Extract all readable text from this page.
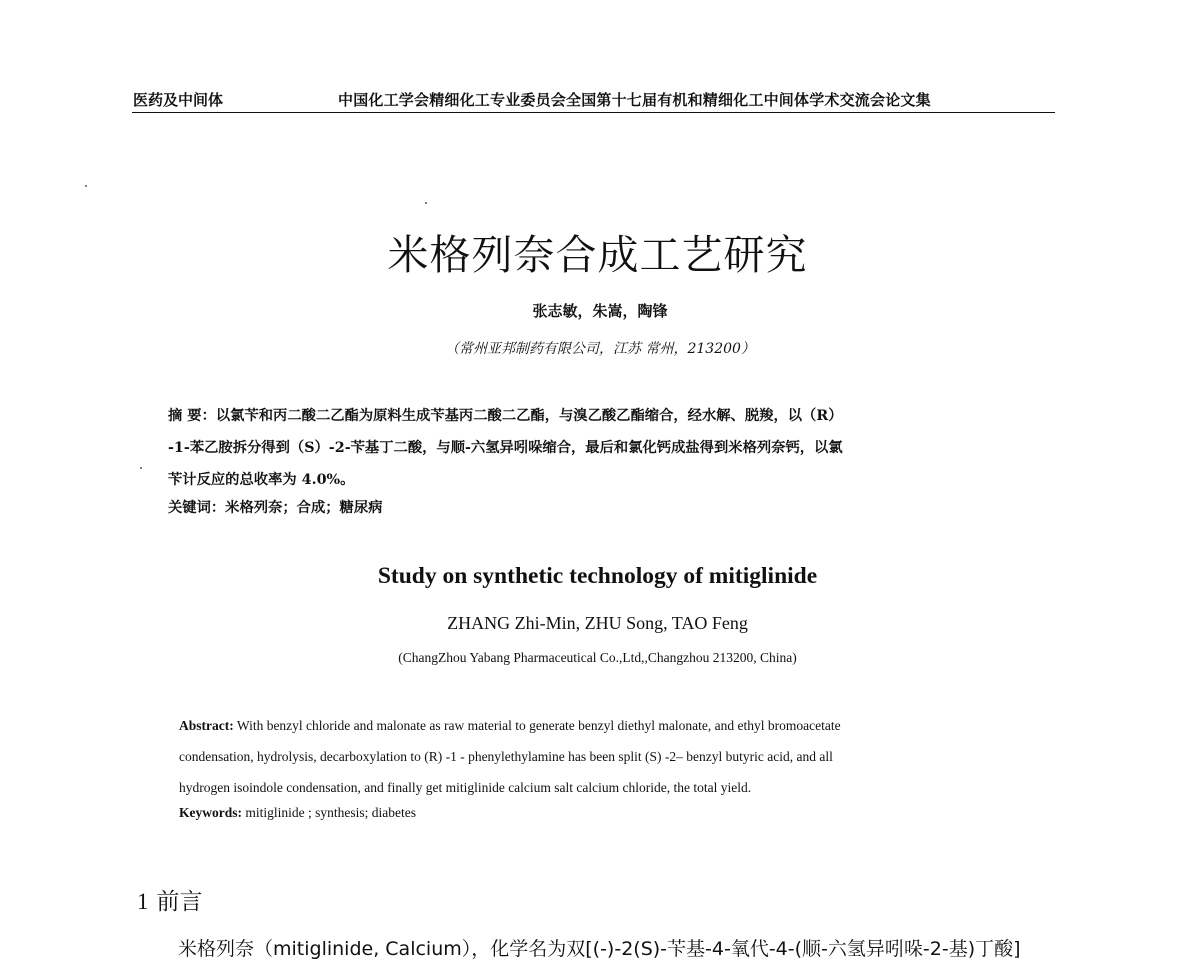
医药及中间体	中国化工学会精细化工专业委员会全国第十七届有机和精细化工中间体学术交流会论文集
米格列奈合成工艺研究
张志敏，朱嵩，陶锋
（常州亚邦制药有限公司，江苏 常州，213200）
摘 要：以氯苄和丙二酸二乙酯为原料生成苄基丙二酸二乙酯，与溴乙酸乙酯缩合，经水解、脱羧，以（R）
-1-苯乙胺拆分得到（S）-2-苄基丁二酸，与顺-六氢异吲哚缩合，最后和氯化钙成盐得到米格列奈钙，以氯
苄计反应的总收率为 4.0%。
关键词：米格列奈；合成；糖尿病
Study on synthetic technology of mitiglinide
ZHANG Zhi-Min, ZHU Song, TAO Feng
(ChangZhou Yabang Pharmaceutical Co.,Ltd,,Changzhou 213200, China)
Abstract: With benzyl chloride and malonate as raw material to generate benzyl diethyl malonate, and ethyl bromoacetate
condensation, hydrolysis, decarboxylation to (R) -1 - phenylethylamine has been split (S) -2– benzyl butyric acid, and all
hydrogen isoindole condensation, and finally get mitiglinide calcium salt calcium chloride, the total yield.
Keywords: mitiglinide ; synthesis; diabetes
1 前言
米格列奈（mitiglinide, Calcium），化学名为双[(-)-2(S)-苄基-4-氧代-4-(顺-六氢异吲哚-2-基)丁酸]
